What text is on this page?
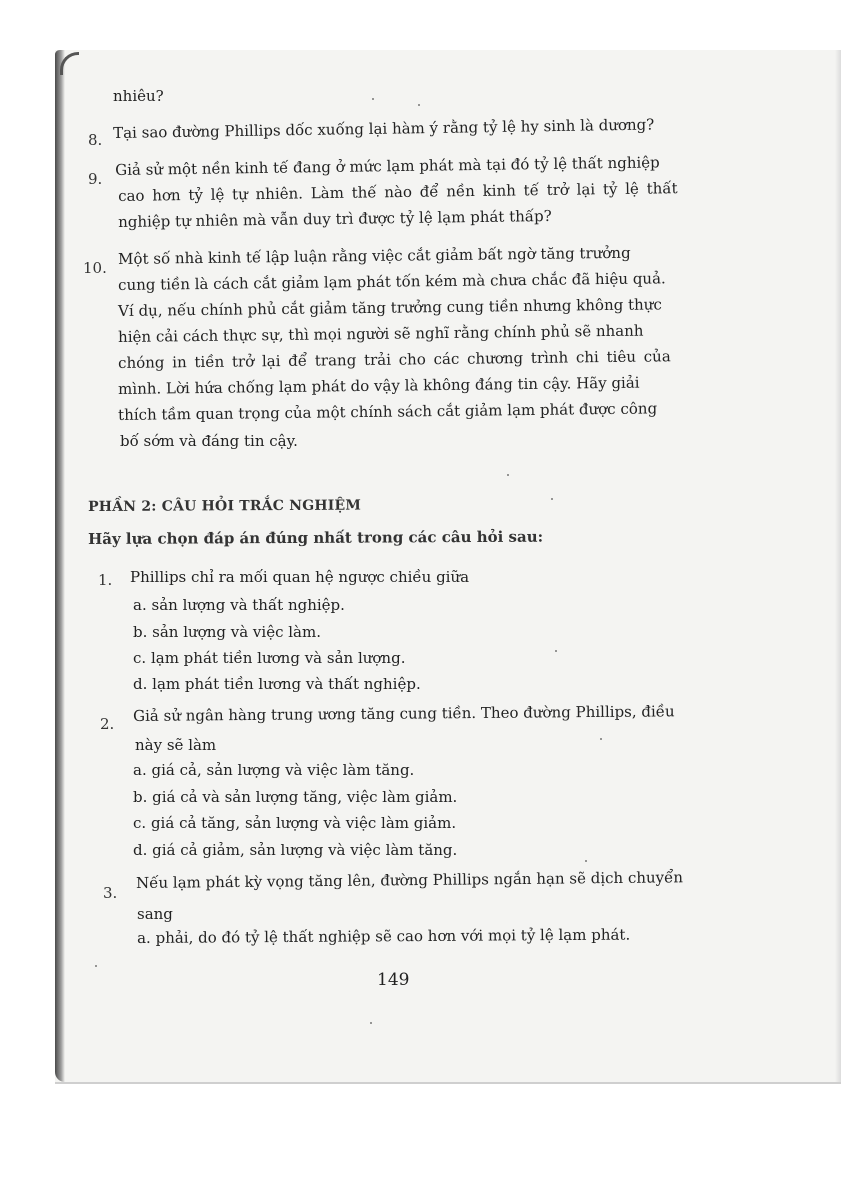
nhiêu?
8. Tại sao đường Phillips dốc xuống lại hàm ý rằng tỷ lệ hy sinh là dương?
9.
Giả sử một nền kinh tế đang ở mức lạm phát mà tại đó tỷ lệ thất nghiệp
cao hơn tỷ lệ tự nhiên. Làm thế nào để nền kinh tế trở lại tỷ lệ thất
nghiệp tự nhiên mà vẫn duy trì được tỷ lệ lạm phát thấp?
10.
Một số nhà kinh tế lập luận rằng việc cắt giảm bất ngờ tăng trưởng
cung tiền là cách cắt giảm lạm phát tốn kém mà chưa chắc đã hiệu quả.
Ví dụ, nếu chính phủ cắt giảm tăng trưởng cung tiền nhưng không thực
hiện cải cách thực sự, thì mọi người sẽ nghĩ rằng chính phủ sẽ nhanh
chóng in tiền trở lại để trang trải cho các chương trình chi tiêu của
mình. Lời hứa chống lạm phát do vậy là không đáng tin cậy. Hãy giải
thích tầm quan trọng của một chính sách cắt giảm lạm phát được công
bố sớm và đáng tin cậy.
PHẦN 2: CÂU HỎI TRẮC NGHIỆM
Hãy lựa chọn đáp án đúng nhất trong các câu hỏi sau:
1. Phillips chỉ ra mối quan hệ ngược chiều giữa
a. sản lượng và thất nghiệp.
b. sản lượng và việc làm.
c. lạm phát tiền lương và sản lượng.
d. lạm phát tiền lương và thất nghiệp.
2. Giả sử ngân hàng trung ương tăng cung tiền. Theo đường Phillips, điều
này sẽ làm
a. giá cả, sản lượng và việc làm tăng.
b. giá cả và sản lượng tăng, việc làm giảm.
c. giá cả tăng, sản lượng và việc làm giảm.
d. giá cả giảm, sản lượng và việc làm tăng.
3.
Nếu lạm phát kỳ vọng tăng lên, đường Phillips ngắn hạn sẽ dịch chuyển
sang
a. phải, do đó tỷ lệ thất nghiệp sẽ cao hơn với mọi tỷ lệ lạm phát.
149
